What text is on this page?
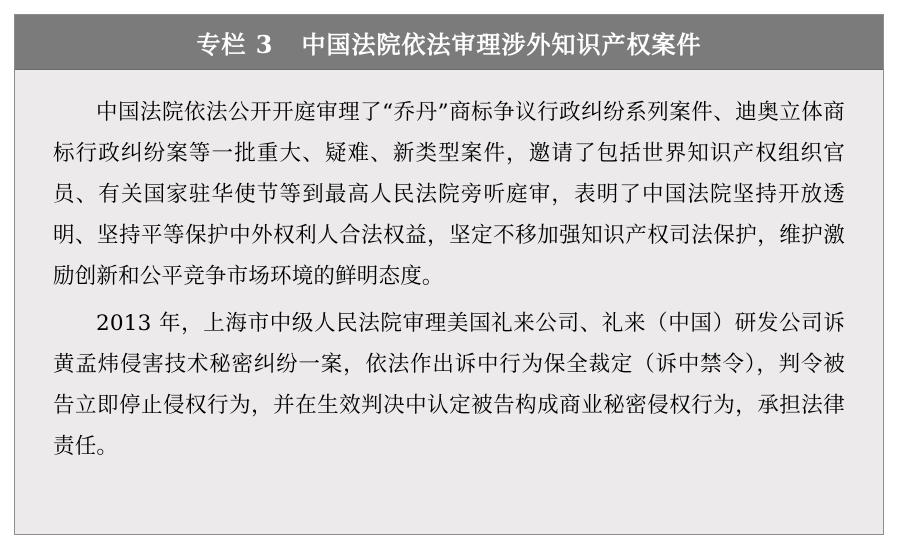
专栏 3   中国法院依法审理涉外知识产权案件

中国法院依法公开开庭审理了“乔丹”商标争议行政纠纷系列案件、迪奥立体商标行政纠纷案等一批重大、疑难、新类型案件，邀请了包括世界知识产权组织官员、有关国家驻华使节等到最高人民法院旁听庭审，表明了中国法院坚持开放透明、坚持平等保护中外权利人合法权益，坚定不移加强知识产权司法保护，维护激励创新和公平竞争市场环境的鲜明态度。

2013 年，上海市中级人民法院审理美国礼来公司、礼来（中国）研发公司诉黄孟炜侵害技术秘密纠纷一案，依法作出诉中行为保全裁定（诉中禁令），判令被告立即停止侵权行为，并在生效判决中认定被告构成商业秘密侵权行为，承担法律责任。
